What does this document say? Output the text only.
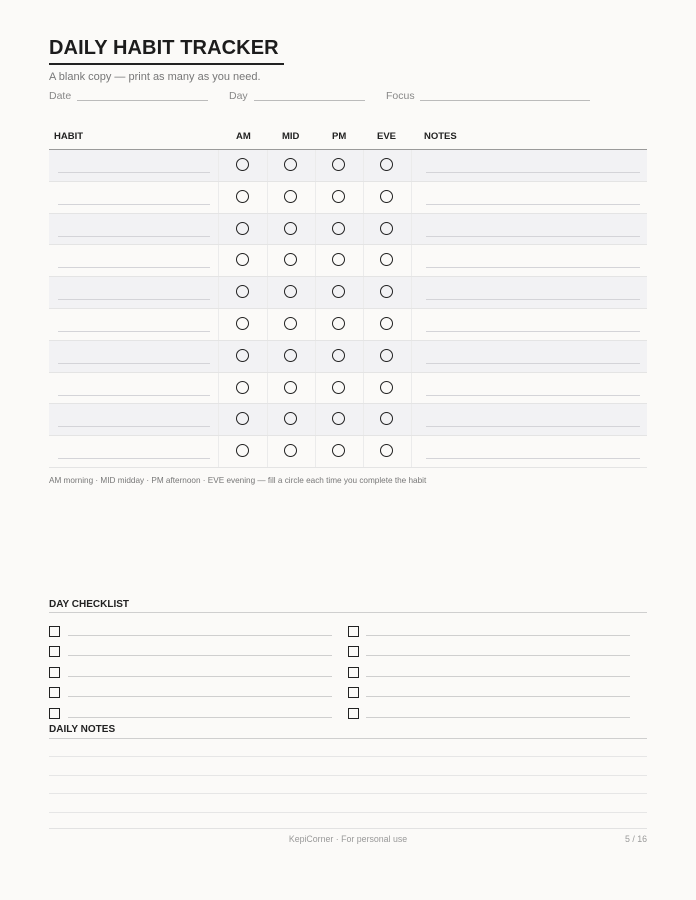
DAILY HABIT TRACKER
A blank copy — print as many as you need.
Date	Day	Focus
HABIT	AM	MID	PM	EVE	NOTES
AM morning · MID midday · PM afternoon · EVE evening — fill a circle each time you complete the habit
DAY CHECKLIST
DAILY NOTES
KepiCorner · For personal use	5 / 16
